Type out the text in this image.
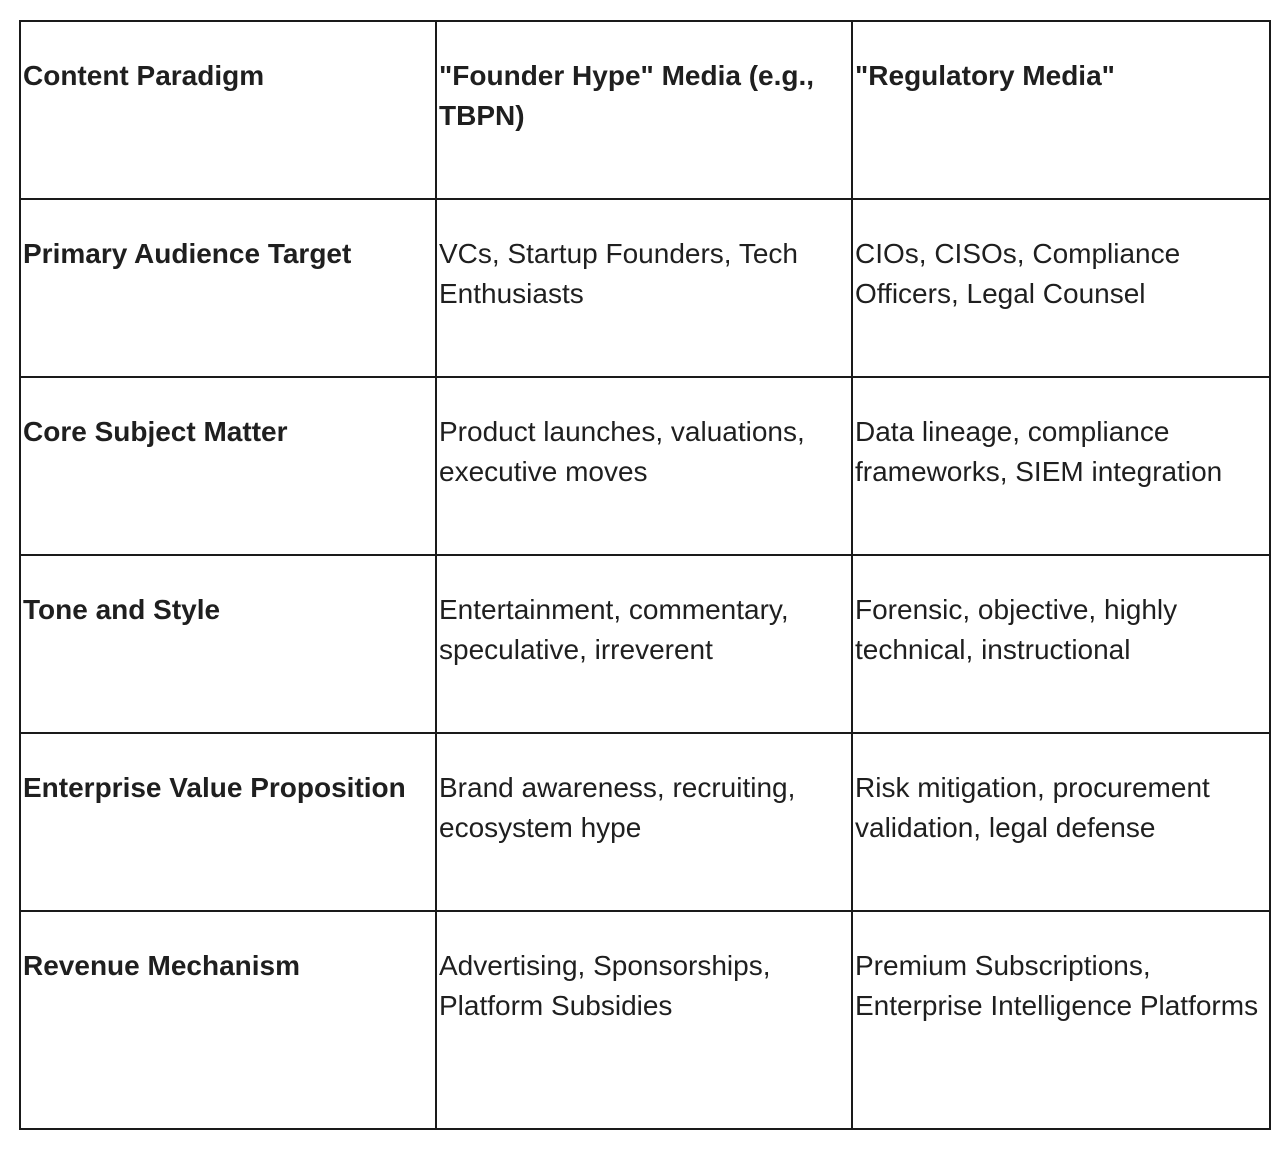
Content Paradigm	"Founder Hype" Media (e.g., TBPN)	"Regulatory Media"
Primary Audience Target	VCs, Startup Founders, Tech Enthusiasts	CIOs, CISOs, Compliance Officers, Legal Counsel
Core Subject Matter	Product launches, valuations, executive moves	Data lineage, compliance frameworks, SIEM integration
Tone and Style	Entertainment, commentary, speculative, irreverent	Forensic, objective, highly technical, instructional
Enterprise Value Proposition	Brand awareness, recruiting, ecosystem hype	Risk mitigation, procurement validation, legal defense
Revenue Mechanism	Advertising, Sponsorships, Platform Subsidies	Premium Subscriptions, Enterprise Intelligence Platforms
